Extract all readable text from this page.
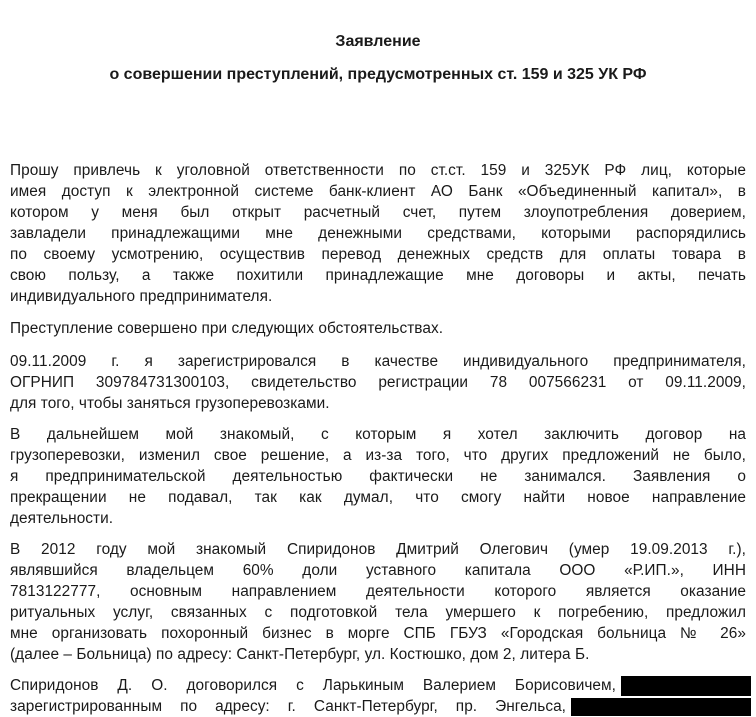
Заявление
о совершении преступлений, предусмотренных ст. 159 и 325 УК РФ
Прошу привлечь к уголовной ответственности по ст.ст. 159 и 325УК РФ лиц, которые
имея доступ к электронной системе банк-клиент АО Банк «Объединенный капитал», в
котором у меня был открыт расчетный счет, путем злоупотребления доверием,
завладели принадлежащими мне денежными средствами, которыми распорядились
по своему усмотрению, осуществив перевод денежных средств для оплаты товара в
свою пользу, а также похитили принадлежащие мне договоры и акты, печать
индивидуального предпринимателя.
Преступление совершено при следующих обстоятельствах.
09.11.2009 г. я зарегистрировался в качестве индивидуального предпринимателя,
ОГРНИП 309784731300103, свидетельство регистрации 78 007566231 от 09.11.2009,
для того, чтобы заняться грузоперевозками.
В дальнейшем мой знакомый, с которым я хотел заключить договор на
грузоперевозки, изменил свое решение, а из-за того, что других предложений не было,
я предпринимательской деятельностью фактически не занимался. Заявления о
прекращении не подавал, так как думал, что смогу найти новое направление
деятельности.
В 2012 году мой знакомый Спиридонов Дмитрий Олегович (умер 19.09.2013 г.),
являвшийся владельцем 60% доли уставного капитала ООО «Р.ИП.», ИНН
7813122777, основным направлением деятельности которого является оказание
ритуальных услуг, связанных с подготовкой тела умершего к погребению, предложил
мне организовать похоронный бизнес в морге СПБ ГБУЗ «Городская больница № 26»
(далее – Больница) по адресу: Санкт-Петербург, ул. Костюшко, дом 2, литера Б.
Спиридонов Д. О. договорился с Ларькиным Валерием Борисовичем,
зарегистрированным по адресу: г. Санкт-Петербург, пр. Энгельса,
